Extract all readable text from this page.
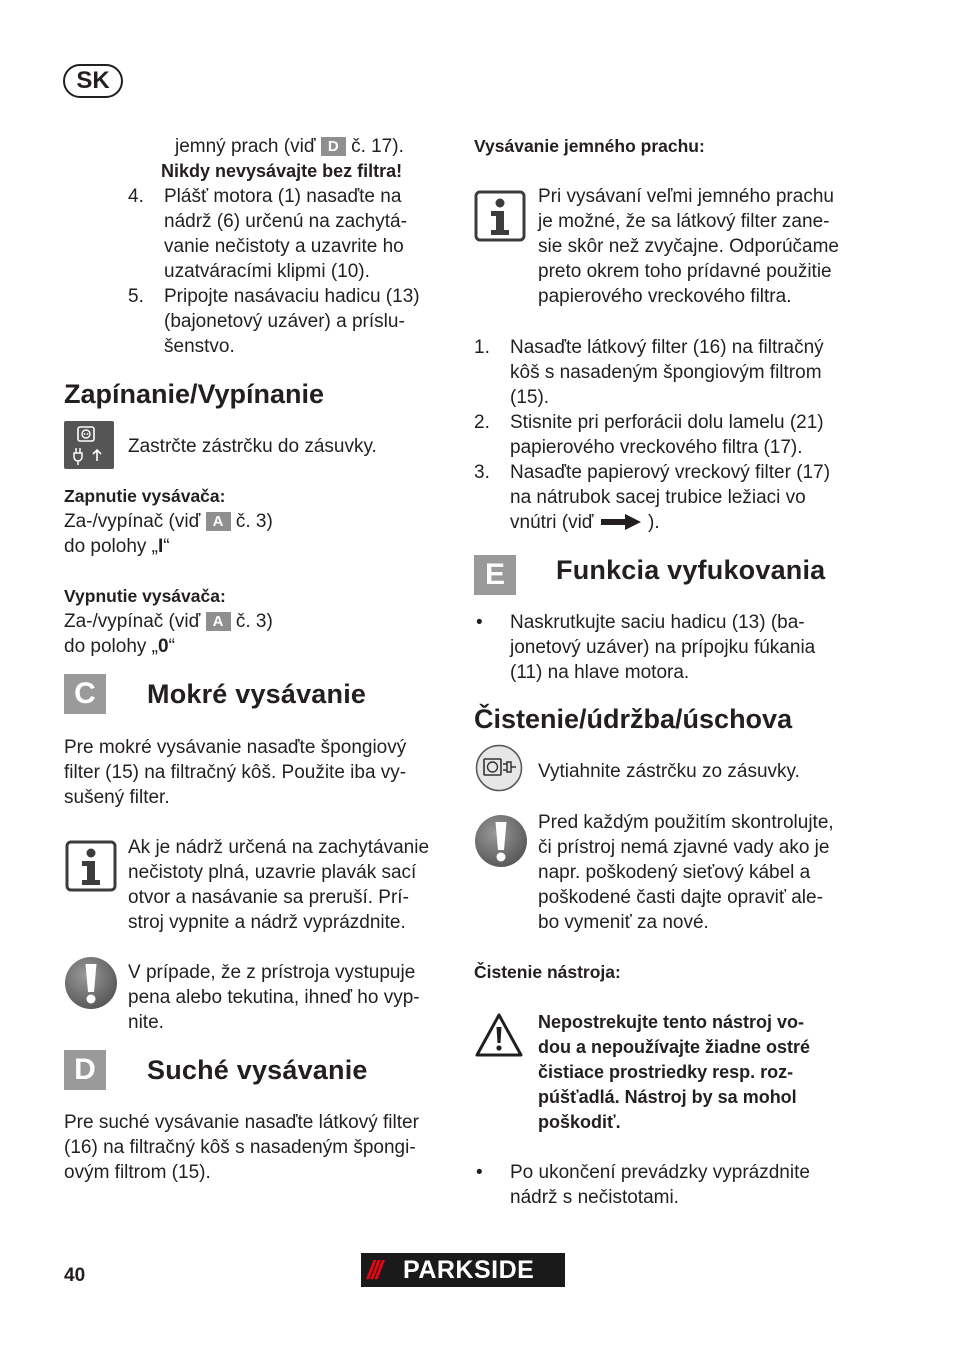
SK
jemný prach (viď D č. 17).
Nikdy nevysávajte bez filtra!
4. Plášť motora (1) nasaďte na
nádrž (6) určenú na zachytá-
vanie nečistoty a uzavrite ho
uzatváracími klipmi (10).
5. Pripojte nasávaciu hadicu (13)
(bajonetový uzáver) a príslu-
šenstvo.
Zapínanie/Vypínanie
Zastrčte zástrčku do zásuvky.
Zapnutie vysávača:
Za-/vypínač (viď A č. 3)
do polohy „I“
Vypnutie vysávača:
Za-/vypínač (viď A č. 3)
do polohy „0“
C	Mokré vysávanie
Pre mokré vysávanie nasaďte špongiový
filter (15) na filtračný kôš. Použite iba vy-
sušený filter.
Ak je nádrž určená na zachytávanie
nečistoty plná, uzavrie plavák sací
otvor a nasávanie sa preruší. Prí-
stroj vypnite a nádrž vyprázdnite.
V prípade, že z prístroja vystupuje
pena alebo tekutina, ihneď ho vyp-
nite.
D	Suché vysávanie
Pre suché vysávanie nasaďte látkový filter
(16) na filtračný kôš s nasadeným špongi-
ovým filtrom (15).
Vysávanie jemného prachu:
Pri vysávaní veľmi jemného prachu
je možné, že sa látkový filter zane-
sie skôr než zvyčajne. Odporúčame
preto okrem toho prídavné použitie
papierového vreckového filtra.
1. Nasaďte látkový filter (16) na filtračný
kôš s nasadeným špongiovým filtrom
(15).
2. Stisnite pri perforácii dolu lamelu (21)
papierového vreckového filtra (17).
3. Nasaďte papierový vreckový filter (17)
na nátrubok sacej trubice ležiaci vo
vnútri (viď	).
E	Funkcia vyfukovania
• Naskrutkujte saciu hadicu (13) (ba-
jonetový uzáver) na prípojku fúkania
(11) na hlave motora.
Čistenie/údržba/úschova
Vytiahnite zástrčku zo zásuvky.
Pred každým použitím skontrolujte,
či prístroj nemá zjavné vady ako je
napr. poškodený sieťový kábel a
poškodené časti dajte opraviť ale-
bo vymeniť za nové.
Čistenie nástroja:
Nepostrekujte tento nástroj vo-
dou a nepoužívajte žiadne ostré
čistiace prostriedky resp. roz-
púšťadlá. Nástroj by sa mohol
poškodiť.
• Po ukončení prevádzky vyprázdnite
nádrž s nečistotami.
40	/// PARKSIDE
